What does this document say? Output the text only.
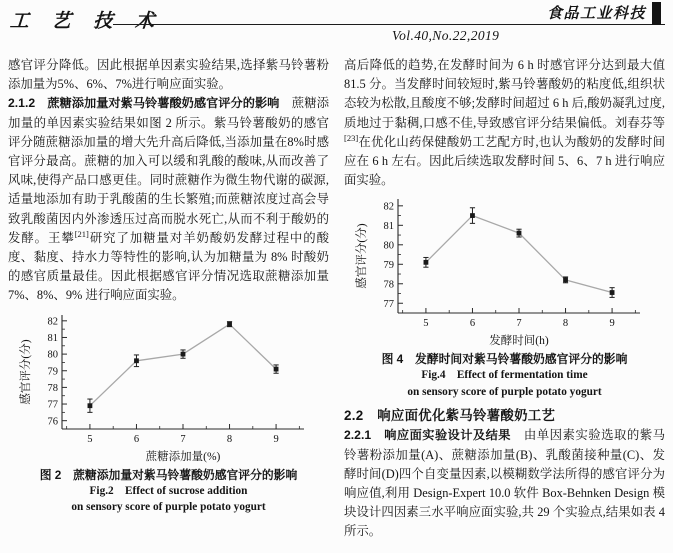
工 艺 技 术	食品工业科技
Vol.40,No.22,2019

感官评分降低。因此根据单因素实验结果,选择紫马铃薯粉添加量为5%、6%、7%进行响应面实验。

2.1.2　蔗糖添加量对紫马铃薯酸奶感官评分的影响　蔗糖添加量的单因素实验结果如图 2 所示。紫马铃薯酸奶的感官评分随蔗糖添加量的增大先升高后降低,当添加量在8%时感官评分最高。蔗糖的加入可以缓和乳酸的酸味,从而改善了风味,使得产品口感更佳。同时蔗糖作为微生物代谢的碳源,适量地添加有助于乳酸菌的生长繁殖;而蔗糖浓度过高会导致乳酸菌因内外渗透压过高而脱水死亡,从而不利于酸奶的发酵。王攀[21]研究了加糖量对羊奶酸奶发酵过程中的酸度、黏度、持水力等特性的影响,认为加糖量为 8% 时酸奶的感官质量最佳。因此根据感官评分情况选取蔗糖添加量 7%、8%、9% 进行响应面实验。

76
77
78
79
80
81
82
5	6	7	8	9
蔗糖添加量(%)
感官评分(分)
图 2　蔗糖添加量对紫马铃薯酸奶感官评分的影响
Fig.2　Effect of sucrose addition
on sensory score of purple potato yogurt

高后降低的趋势,在发酵时间为 6 h 时感官评分达到最大值 81.5 分。当发酵时间较短时,紫马铃薯酸奶的粘度低,组织状态较为松散,且酸度不够;发酵时间超过 6 h 后,酸奶凝乳过度,质地过于黏稠,口感不佳,导致感官评分结果偏低。刘春芬等[23]在优化山药保健酸奶工艺配方时,也认为酸奶的发酵时间应在 6 h 左右。因此后续选取发酵时间 5、6、7 h 进行响应面实验。

77
78
79
80
81
82
5	6	7	8	9
发酵时间(h)
感官评分(分)
图 4　发酵时间对紫马铃薯酸奶感官评分的影响
Fig.4　Effect of fermentation time
on sensory score of purple potato yogurt
2.2　响应面优化紫马铃薯酸奶工艺

2.2.1　响应面实验设计及结果　由单因素实验选取的紫马铃薯粉添加量(A)、蔗糖添加量(B)、乳酸菌接种量(C)、发酵时间(D)四个自变量因素,以模糊数学法所得的感官评分为响应值,利用 Design-Expert 10.0 软件 Box-Behnken Design 模块设计四因素三水平响应面实验,共 29 个实验点,结果如表 4 所示。
